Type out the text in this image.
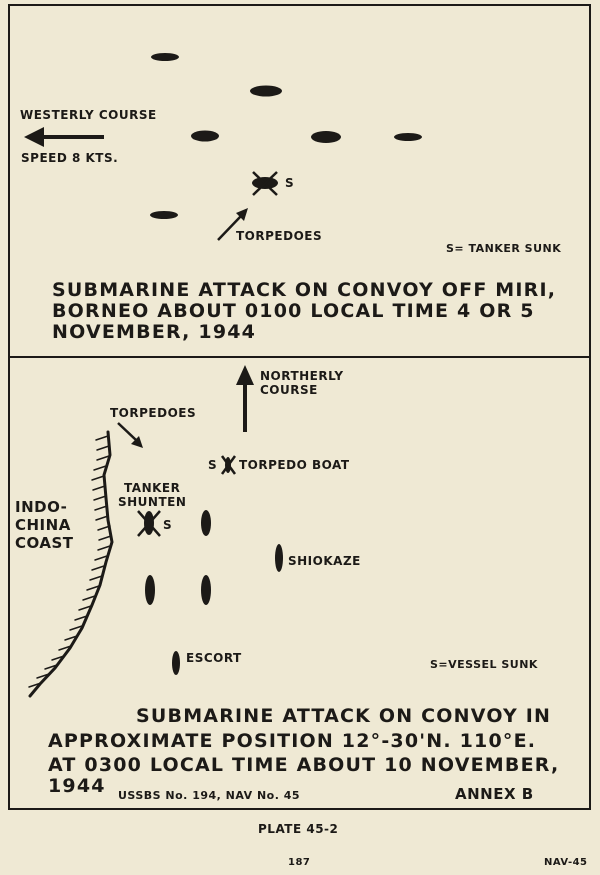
WESTERLY COURSE
SPEED 8 KTS.
S
TORPEDOES
S= TANKER SUNK
SUBMARINE ATTACK ON CONVOY OFF MIRI,
BORNEO ABOUT 0100 LOCAL TIME 4 OR 5
NOVEMBER, 1944
NORTHERLY
COURSE
TORPEDOES
S TORPEDO BOAT
INDO-
CHINA
COAST
TANKER
SHUNTEN
S
SHIOKAZE
ESCORT	S=VESSEL SUNK
SUBMARINE ATTACK ON CONVOY IN
APPROXIMATE POSITION 12°-30'N. 110°E.
AT 0300 LOCAL TIME ABOUT 10 NOVEMBER,
1944 USSBS No. 194, NAV No. 45	ANNEX B
PLATE 45-2
187	NAV-45
